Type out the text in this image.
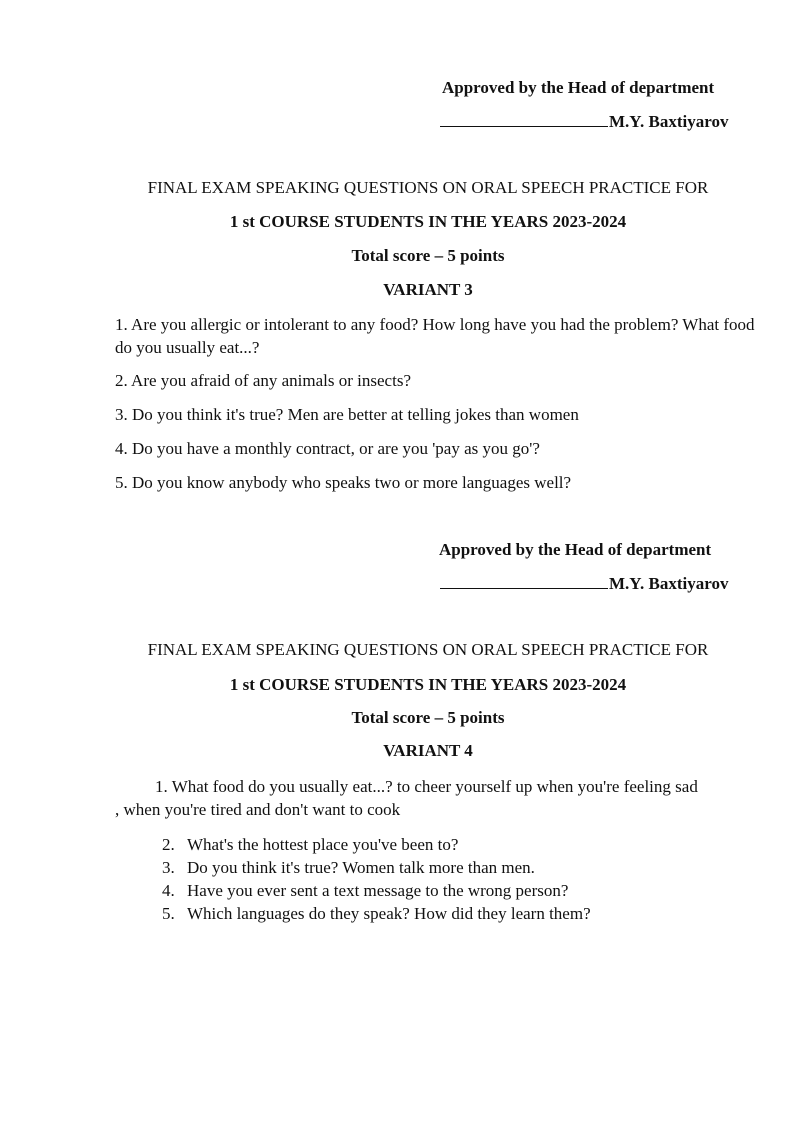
Approved by the Head of department
M.Y. Baxtiyarov
FINAL EXAM SPEAKING QUESTIONS ON ORAL SPEECH PRACTICE FOR
1 st COURSE STUDENTS IN THE YEARS 2023-2024
Total score – 5 points
VARIANT 3
1. Are you allergic or intolerant to any food? How long have you had the problem? What food do you usually eat...?
2. Are you afraid of any animals or insects?
3. Do you think it's true? Men are better at telling jokes than women
4. Do you have a monthly contract, or are you 'pay as you go'?
5. Do you know anybody who speaks two or more languages well?
Approved by the Head of department
M.Y. Baxtiyarov
FINAL EXAM SPEAKING QUESTIONS ON ORAL SPEECH PRACTICE FOR
1 st COURSE STUDENTS IN THE YEARS 2023-2024
Total score – 5 points
VARIANT 4
1. What food do you usually eat...? to cheer yourself up when you're feeling sad
, when you're tired and don't want to cook
2. What's the hottest place you've been to?
3. Do you think it's true? Women talk more than men.
4. Have you ever sent a text message to the wrong person?
5. Which languages do they speak? How did they learn them?
